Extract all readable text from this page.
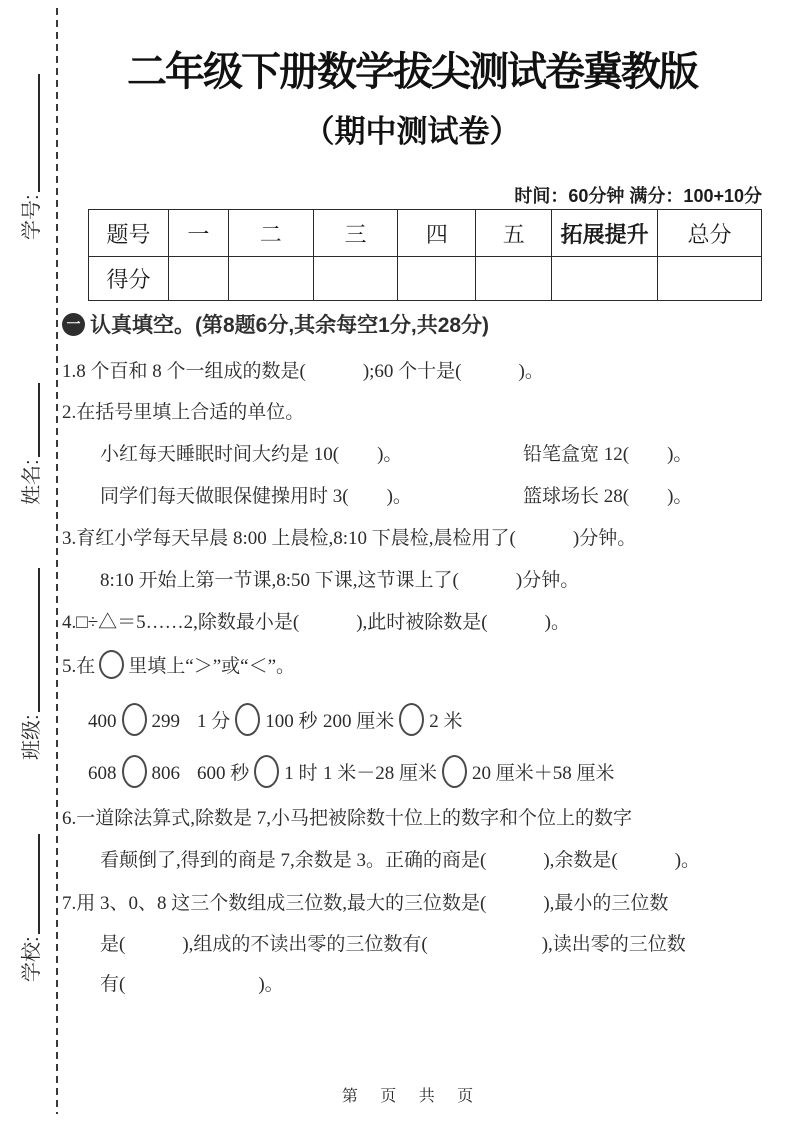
学号:
姓名:
班级:
学校:
二年级下册数学拔尖测试卷冀教版
（期中测试卷）
时间：60分钟 满分：100+10分
题号	一	二	三	四	五	拓展提升	总分
得分							
一 认真填空。(第8题6分,其余每空1分,共28分)
1.8 个百和 8 个一组成的数是(　　　);60 个十是(　　　)。
2.在括号里填上合适的单位。
小红每天睡眠时间大约是 10(　　)。	铅笔盒宽 12(　　)。
同学们每天做眼保健操用时 3(　　)。	篮球场长 28(　　)。
3.育红小学每天早晨 8:00 上晨检,8:10 下晨检,晨检用了(　　　)分钟。
8:10 开始上第一节课,8:50 下课,这节课上了(　　　)分钟。
4.□÷△＝5……2,除数最小是(　　　),此时被除数是(　　　)。
5.在 里填上“＞”或“＜”。
400 299 1 分 100 秒 200 厘米 2 米
608 806 600 秒 1 时 1 米－28 厘米 20 厘米＋58 厘米
6.一道除法算式,除数是 7,小马把被除数十位上的数字和个位上的数字
看颠倒了,得到的商是 7,余数是 3。正确的商是(　　　),余数是(　　　)。
7.用 3、0、8 这三个数组成三位数,最大的三位数是(　　　),最小的三位数
是(　　　),组成的不读出零的三位数有(　　　　　　),读出零的三位数
有(　　　　　　　)。
第 页 共 页
